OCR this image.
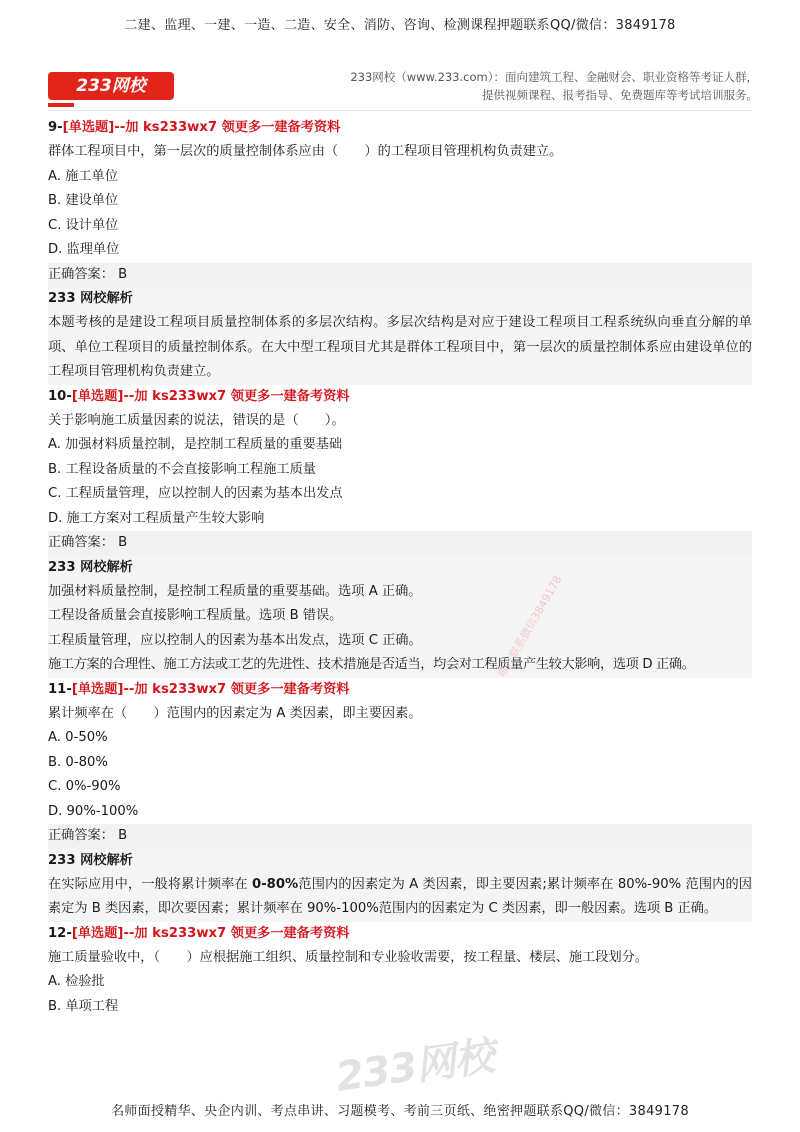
二建、监理、一建、一造、二造、安全、消防、咨询、检测课程押题联系QQ/微信：3849178
233网校	233网校（www.233.com）：面向建筑工程、金融财会、职业资格等考证人群，
提供视频课程、报考指导、免费题库等考试培训服务。
9-[单选题]--加 ks233wx7 领更多一建备考资料
群体工程项目中，第一层次的质量控制体系应由（　　）的工程项目管理机构负责建立。
A. 施工单位
B. 建设单位
C. 设计单位
D. 监理单位
正确答案： B
233 网校解析
本题考核的是建设工程项目质量控制体系的多层次结构。多层次结构是对应于建设工程项目工程系统纵向垂直分解的单项、单位工程项目的质量控制体系。在大中型工程项目尤其是群体工程项目中，第一层次的质量控制体系应由建设单位的工程项目管理机构负责建立。
10-[单选题]--加 ks233wx7 领更多一建备考资料
关于影响施工质量因素的说法，错误的是（　　）。
A. 加强材料质量控制，是控制工程质量的重要基础
B. 工程设备质量的不会直接影响工程施工质量
C. 工程质量管理，应以控制人的因素为基本出发点
D. 施工方案对工程质量产生较大影响
正确答案： B
233 网校解析
加强材料质量控制，是控制工程质量的重要基础。选项 A 正确。
工程设备质量会直接影响工程质量。选项 B 错误。
工程质量管理，应以控制人的因素为基本出发点，选项 C 正确。
施工方案的合理性、施工方法或工艺的先进性、技术措施是否适当，均会对工程质量产生较大影响，选项 D 正确。
11-[单选题]--加 ks233wx7 领更多一建备考资料
累计频率在（　　）范围内的因素定为 A 类因素，即主要因素。
A. 0-50%
B. 0-80%
C. 0%-90%
D. 90%-100%
正确答案： B
233 网校解析
在实际应用中，一般将累计频率在 0-80%范围内的因素定为 A 类因素，即主要因素;累计频率在 80%-90% 范围内的因素定为 B 类因素，即次要因素；累计频率在 90%-100%范围内的因素定为 C 类因素，即一般因素。选项 B 正确。
12-[单选题]--加 ks233wx7 领更多一建备考资料
施工质量验收中，（　　）应根据施工组织、质量控制和专业验收需要，按工程量、楼层、施工段划分。
A. 检验批
B. 单项工程
唯一联系微信3849178
233网校
名师面授精华、央企内训、考点串讲、习题模考、考前三页纸、绝密押题联系QQ/微信：3849178
